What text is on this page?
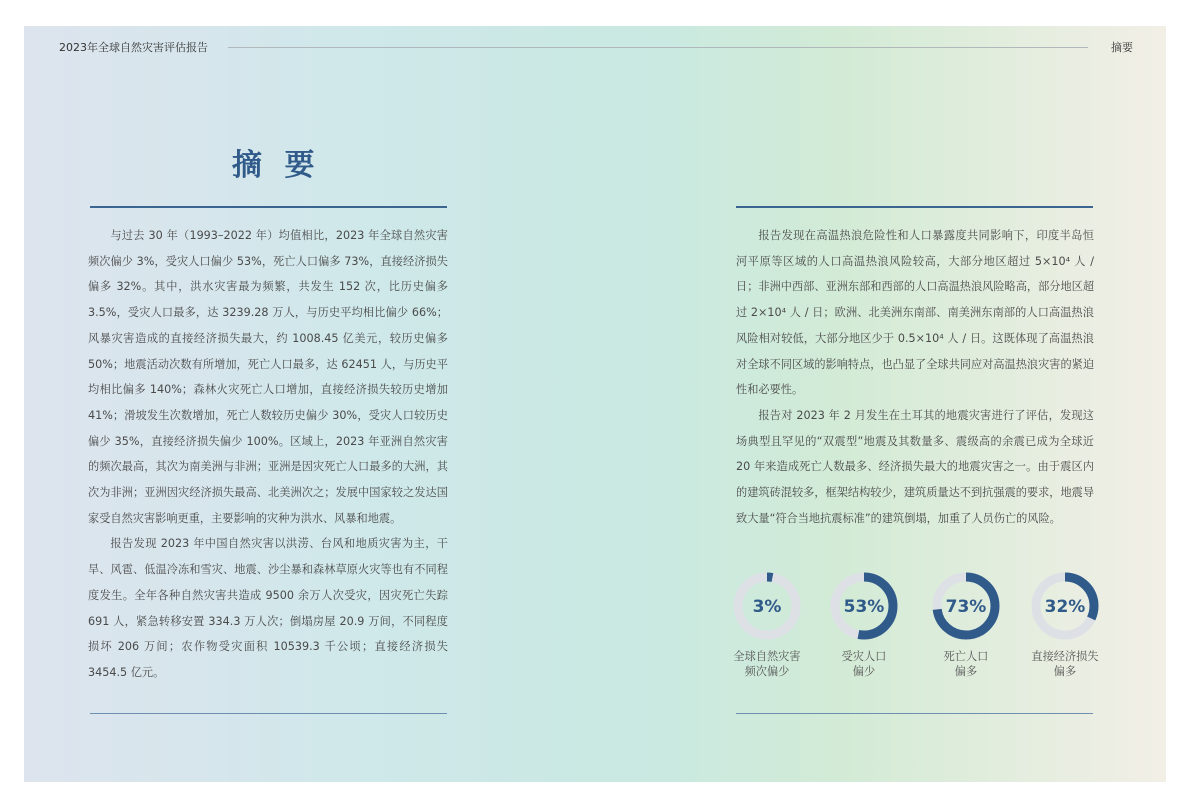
2023年全球自然灾害评估报告	摘要
摘 要

与过去 30 年（1993–2022 年）均值相比，2023 年全球自然灾害频次偏少 3%，受灾人口偏少 53%，死亡人口偏多 73%，直接经济损失偏多 32%。其中，洪水灾害最为频繁，共发生 152 次，比历史偏多 3.5%，受灾人口最多，达 3239.28 万人，与历史平均相比偏少 66%；风暴灾害造成的直接经济损失最大，约 1008.45 亿美元，较历史偏多 50%；地震活动次数有所增加，死亡人口最多，达 62451 人，与历史平均相比偏多 140%；森林火灾死亡人口增加，直接经济损失较历史增加 41%；滑坡发生次数增加，死亡人数较历史偏少 30%，受灾人口较历史偏少 35%，直接经济损失偏少 100%。区域上，2023 年亚洲自然灾害的频次最高，其次为南美洲与非洲；亚洲是因灾死亡人口最多的大洲，其次为非洲；亚洲因灾经济损失最高、北美洲次之；发展中国家较之发达国家受自然灾害影响更重，主要影响的灾种为洪水、风暴和地震。

报告发现 2023 年中国自然灾害以洪涝、台风和地质灾害为主，干旱、风雹、低温冷冻和雪灾、地震、沙尘暴和森林草原火灾等也有不同程度发生。全年各种自然灾害共造成 9500 余万人次受灾，因灾死亡失踪 691 人，紧急转移安置 334.3 万人次；倒塌房屋 20.9 万间，不同程度损坏 206 万间；农作物受灾面积 10539.3 千公顷；直接经济损失 3454.5 亿元。

报告发现在高温热浪危险性和人口暴露度共同影响下，印度半岛恒河平原等区域的人口高温热浪风险较高，大部分地区超过 5×10⁴ 人 / 日；非洲中西部、亚洲东部和西部的人口高温热浪风险略高，部分地区超过 2×10⁴ 人 / 日；欧洲、北美洲东南部、南美洲东南部的人口高温热浪风险相对较低，大部分地区少于 0.5×10⁴ 人 / 日。这既体现了高温热浪对全球不同区域的影响特点，也凸显了全球共同应对高温热浪灾害的紧迫性和必要性。

报告对 2023 年 2 月发生在土耳其的地震灾害进行了评估，发现这场典型且罕见的“双震型”地震及其数量多、震级高的余震已成为全球近 20 年来造成死亡人数最多、经济损失最大的地震灾害之一。由于震区内的建筑砖混较多，框架结构较少，建筑质量达不到抗强震的要求，地震导致大量“符合当地抗震标准”的建筑倒塌，加重了人员伤亡的风险。

3%
全球自然灾害
频次偏少
53%
受灾人口
偏少
73%
死亡人口
偏多
32%
直接经济损失
偏多
